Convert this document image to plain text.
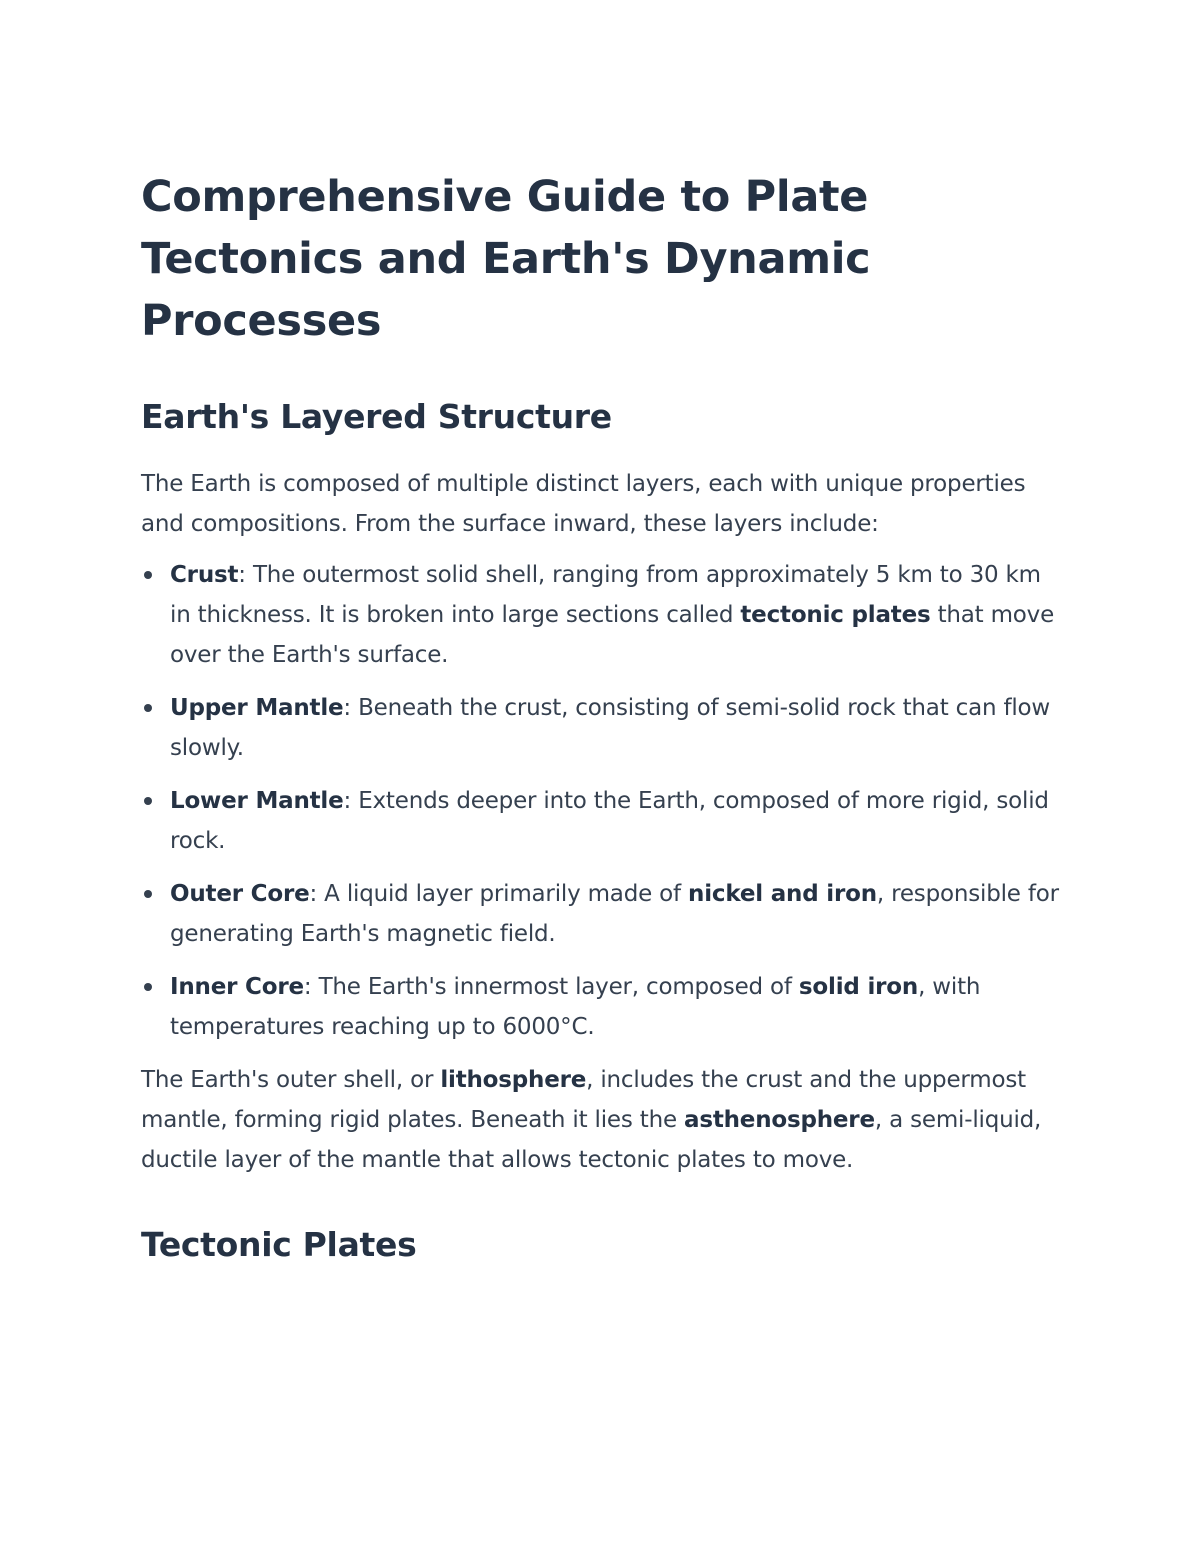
Comprehensive Guide to Plate Tectonics and Earth's Dynamic Processes
Earth's Layered Structure

The Earth is composed of multiple distinct layers, each with unique properties and compositions. From the surface inward, these layers include:

Crust: The outermost solid shell, ranging from approximately 5 km to 30 km in thickness. It is broken into large sections called tectonic plates that move over the Earth's surface.
Upper Mantle: Beneath the crust, consisting of semi-solid rock that can flow slowly.
Lower Mantle: Extends deeper into the Earth, composed of more rigid, solid rock.
Outer Core: A liquid layer primarily made of nickel and iron, responsible for generating Earth's magnetic field.
Inner Core: The Earth's innermost layer, composed of solid iron, with temperatures reaching up to 6000°C.

The Earth's outer shell, or lithosphere, includes the crust and the uppermost mantle, forming rigid plates. Beneath it lies the asthenosphere, a semi-liquid, ductile layer of the mantle that allows tectonic plates to move.

Tectonic Plates
